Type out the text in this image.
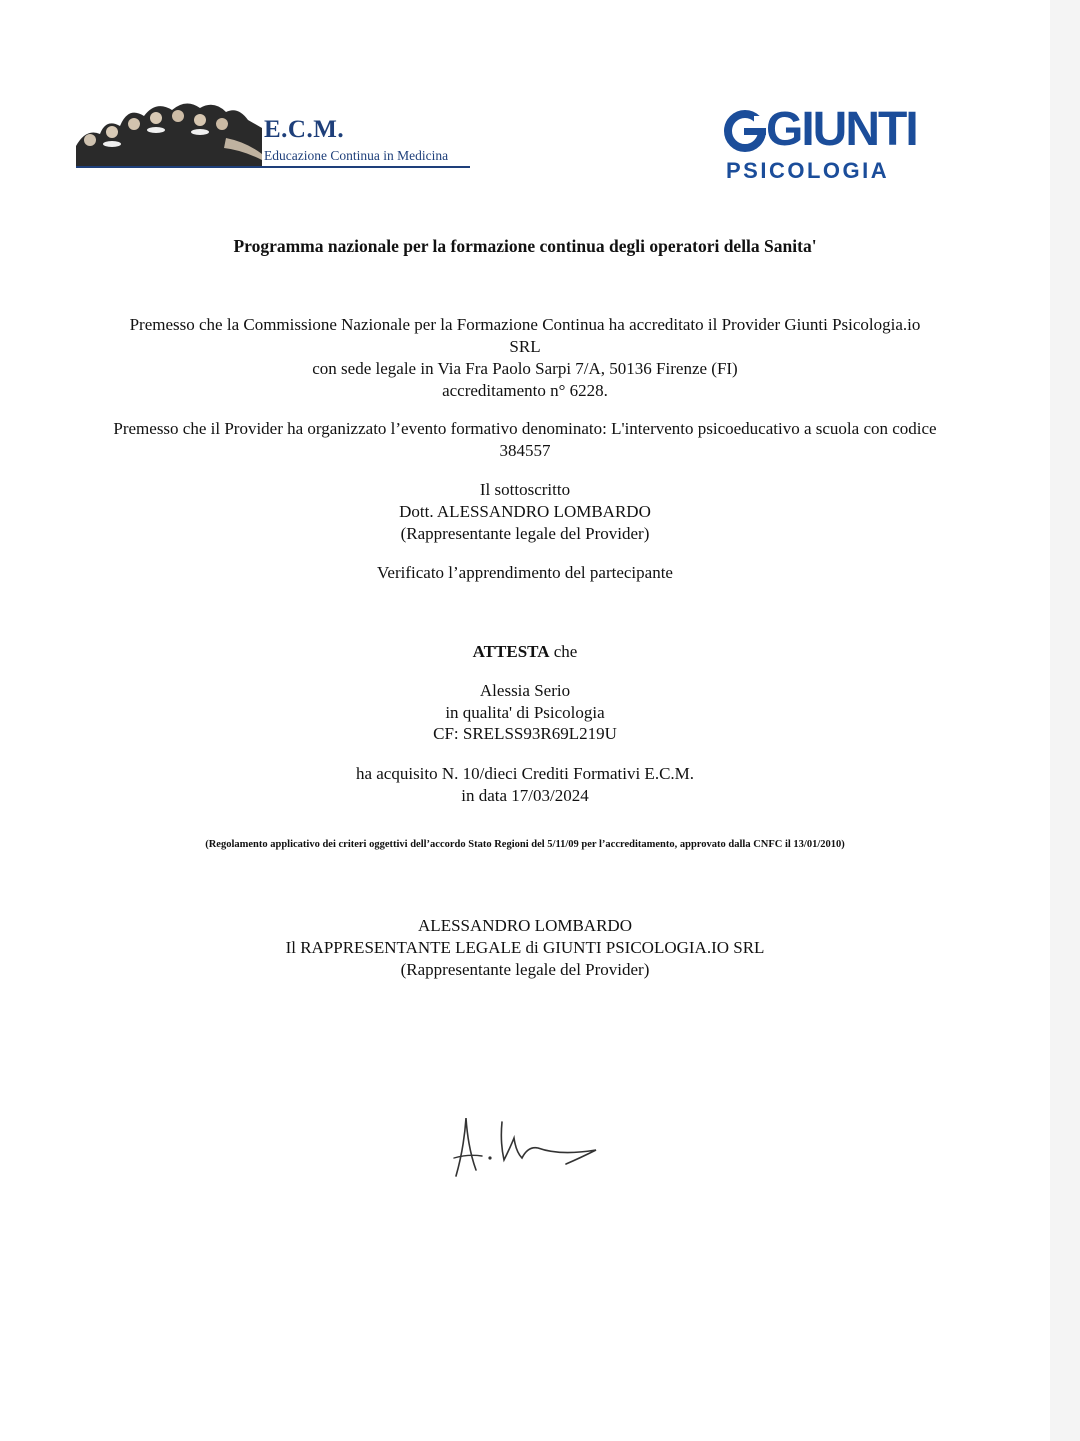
E.C.M.
Educazione Continua in Medicina	GIUNTI
PSICOLOGIA
Programma nazionale per la formazione continua degli operatori della Sanita'
Premesso che la Commissione Nazionale per la Formazione Continua ha accreditato il Provider Giunti Psicologia.io
SRL
con sede legale in Via Fra Paolo Sarpi 7/A, 50136 Firenze (FI)
accreditamento n° 6228.
Premesso che il Provider ha organizzato l’evento formativo denominato: L'intervento psicoeducativo a scuola con codice
384557
Il sottoscritto
Dott. ALESSANDRO LOMBARDO
(Rappresentante legale del Provider)
Verificato l’apprendimento del partecipante
ATTESTA che
Alessia Serio
in qualita' di Psicologia
CF: SRELSS93R69L219U
ha acquisito N. 10/dieci Crediti Formativi E.C.M.
in data 17/03/2024
(Regolamento applicativo dei criteri oggettivi dell’accordo Stato Regioni del 5/11/09 per l’accreditamento, approvato dalla CNFC il 13/01/2010)
ALESSANDRO LOMBARDO
Il RAPPRESENTANTE LEGALE di GIUNTI PSICOLOGIA.IO SRL
(Rappresentante legale del Provider)
